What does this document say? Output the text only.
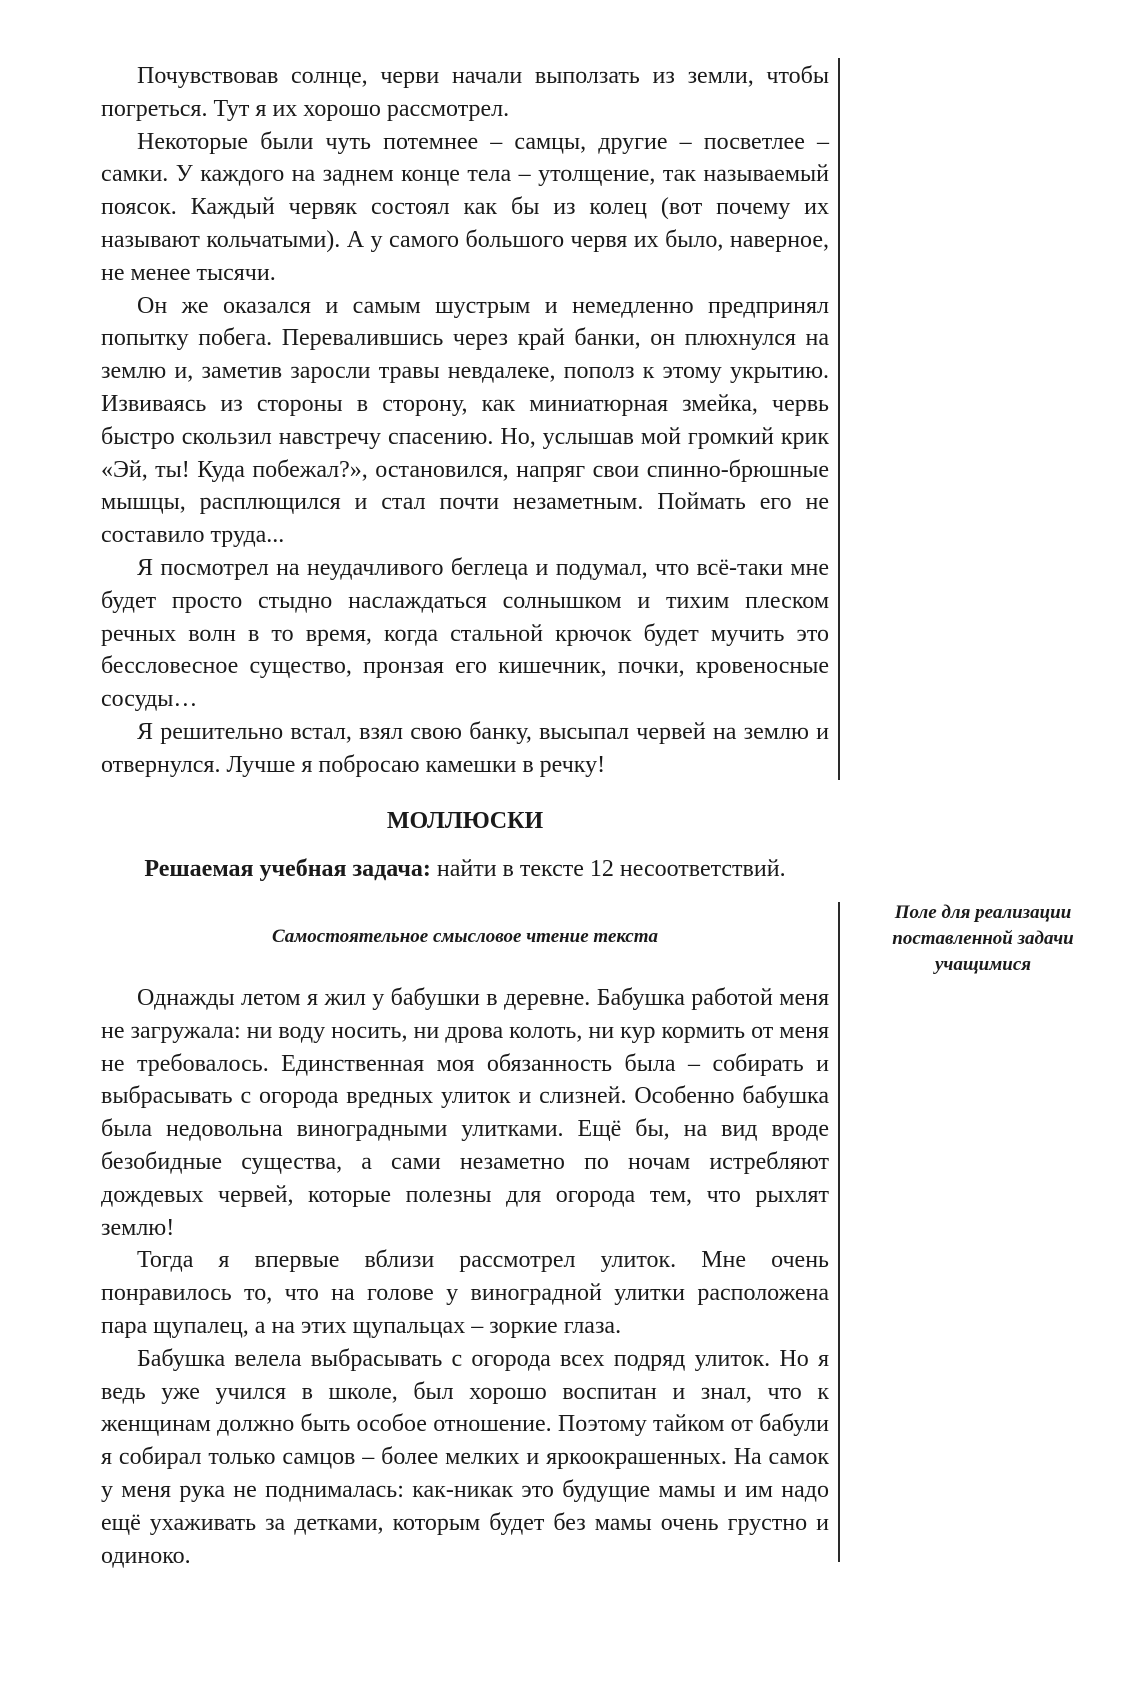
Почувствовав солнце, черви начали выползать из земли, чтобы погреться. Тут я их хорошо рассмотрел.

Некоторые были чуть потемнее – самцы, другие – посветлее – самки. У каждого на заднем конце тела – утолщение, так называемый поясок. Каждый червяк состоял как бы из колец (вот почему их называют кольчатыми). А у самого большого червя их было, наверное, не менее тысячи.

Он же оказался и самым шустрым и немедленно предпринял попытку побега. Перевалившись через край банки, он плюхнулся на землю и, заметив заросли травы невдалеке, пополз к этому укрытию. Извиваясь из стороны в сторону, как миниатюрная змейка, червь быстро скользил навстречу спасению. Но, услышав мой громкий крик «Эй, ты! Куда побежал?», остановился, напряг свои спинно-брюшные мышцы, расплющился и стал почти незаметным. Поймать его не составило труда...

Я посмотрел на неудачливого беглеца и подумал, что всё-таки мне будет просто стыдно наслаждаться солнышком и тихим плеском речных волн в то время, когда стальной крючок будет мучить это бессловесное существо, пронзая его кишечник, почки, кровеносные сосуды…

Я решительно встал, взял свою банку, высыпал червей на землю и отвернулся. Лучше я побросаю камешки в речку!

МОЛЛЮСКИ

Решаемая учебная задача: найти в тексте 12 несоответствий.

Самостоятельное смысловое чтение текста

Поле для реализации
поставленной задачи
учащимися

Однажды летом я жил у бабушки в деревне. Бабушка работой меня не загружала: ни воду носить, ни дрова колоть, ни кур кормить от меня не требовалось. Единственная моя обязанность была – собирать и выбрасывать с огорода вредных улиток и слизней. Особенно бабушка была недовольна виноградными улитками. Ещё бы, на вид вроде безобидные существа, а сами незаметно по ночам истребляют дождевых червей, которые полезны для огорода тем, что рыхлят землю!

Тогда я впервые вблизи рассмотрел улиток. Мне очень понравилось то, что на голове у виноградной улитки расположена пара щупалец, а на этих щупальцах – зоркие глаза.

Бабушка велела выбрасывать с огорода всех подряд улиток. Но я ведь уже учился в школе, был хорошо воспитан и знал, что к женщинам должно быть особое отношение. Поэтому тайком от бабули я собирал только самцов – более мелких и яркоокрашенных. На самок у меня рука не поднималась: как-никак это будущие мамы и им надо ещё ухаживать за детками, которым будет без мамы очень грустно и одиноко.
